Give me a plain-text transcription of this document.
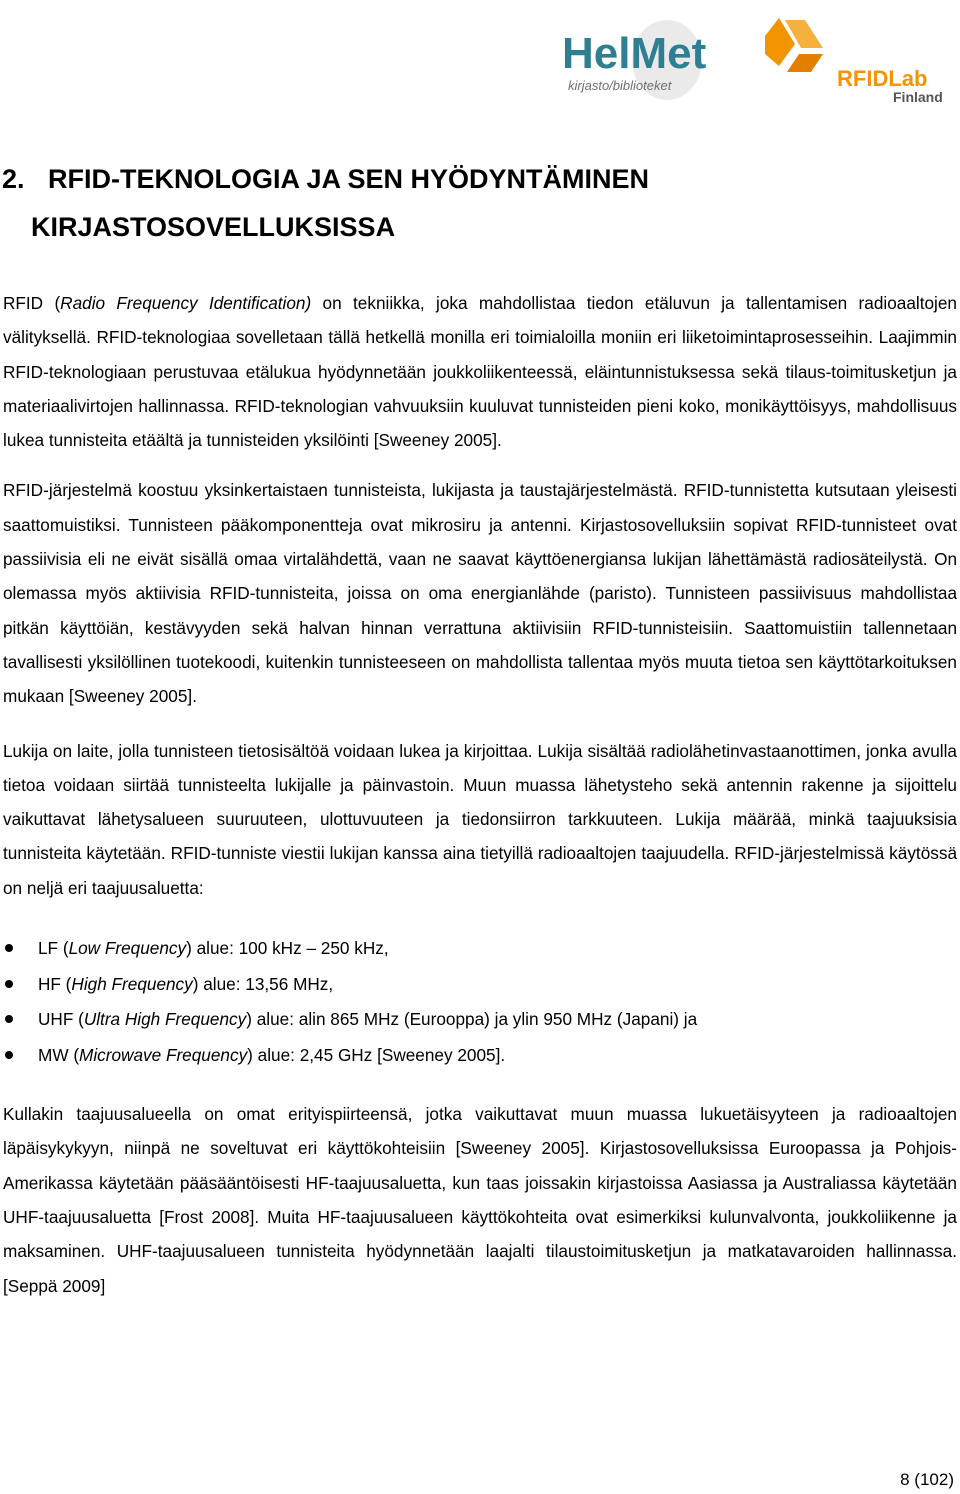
HelMet
kirjasto/biblioteket	RFIDLab
Finland
2. RFID-TEKNOLOGIA JA SEN HYÖDYNTÄMINEN
KIRJASTOSOVELLUKSISSA

RFID (Radio Frequency Identification) on tekniikka, joka mahdollistaa tiedon etäluvun ja tallentamisen radioaaltojen välityksellä. RFID-teknologiaa sovelletaan tällä hetkellä monilla eri toimialoilla moniin eri liiketoimintaprosesseihin. Laajimmin RFID-teknologiaan perustuvaa etälukua hyödynnetään joukkoliikenteessä, eläintunnistuksessa sekä tilaus-toimitusketjun ja materiaalivirtojen hallinnassa. RFID-teknologian vahvuuksiin kuuluvat tunnisteiden pieni koko, monikäyttöisyys, mahdollisuus lukea tunnisteita etäältä ja tunnisteiden yksilöinti [Sweeney 2005].

RFID-järjestelmä koostuu yksinkertaistaen tunnisteista, lukijasta ja taustajärjestelmästä. RFID-tunnistetta kutsutaan yleisesti saattomuistiksi. Tunnisteen pääkomponentteja ovat mikrosiru ja antenni. Kirjastosovelluksiin sopivat RFID-tunnisteet ovat passiivisia eli ne eivät sisällä omaa virtalähdettä, vaan ne saavat käyttöenergiansa lukijan lähettämästä radiosäteilystä. On olemassa myös aktiivisia RFID-tunnisteita, joissa on oma energianlähde (paristo). Tunnisteen passiivisuus mahdollistaa pitkän käyttöiän, kestävyyden sekä halvan hinnan verrattuna aktiivisiin RFID-tunnisteisiin. Saattomuistiin tallennetaan tavallisesti yksilöllinen tuotekoodi, kuitenkin tunnisteeseen on mahdollista tallentaa myös muuta tietoa sen käyttötarkoituksen mukaan [Sweeney 2005].

Lukija on laite, jolla tunnisteen tietosisältöä voidaan lukea ja kirjoittaa. Lukija sisältää radiolähetinvastaanottimen, jonka avulla tietoa voidaan siirtää tunnisteelta lukijalle ja päinvastoin. Muun muassa lähetysteho sekä antennin rakenne ja sijoittelu vaikuttavat lähetysalueen suuruuteen, ulottuvuuteen ja tiedonsiirron tarkkuuteen. Lukija määrää, minkä taajuuksisia tunnisteita käytetään. RFID-tunniste viestii lukijan kanssa aina tietyillä radioaaltojen taajuudella. RFID-järjestelmissä käytössä on neljä eri taajuusaluetta:

LF (Low Frequency) alue: 100 kHz – 250 kHz,
HF (High Frequency) alue: 13,56 MHz,
UHF (Ultra High Frequency) alue: alin 865 MHz (Eurooppa) ja ylin 950 MHz (Japani) ja
MW (Microwave Frequency) alue: 2,45 GHz [Sweeney 2005].

Kullakin taajuusalueella on omat erityispiirteensä, jotka vaikuttavat muun muassa lukuetäisyyteen ja radioaaltojen läpäisykykyyn, niinpä ne soveltuvat eri käyttökohteisiin [Sweeney 2005]. Kirjastosovelluksissa Euroopassa ja Pohjois-Amerikassa käytetään pääsääntöisesti HF-taajuusaluetta, kun taas joissakin kirjastoissa Aasiassa ja Australiassa käytetään UHF-taajuusaluetta [Frost 2008]. Muita HF-taajuusalueen käyttökohteita ovat esimerkiksi kulunvalvonta, joukkoliikenne ja maksaminen. UHF-taajuusalueen tunnisteita hyödynnetään laajalti tilaustoimitusketjun ja matkatavaroiden hallinnassa. [Seppä 2009]

8 (102)
